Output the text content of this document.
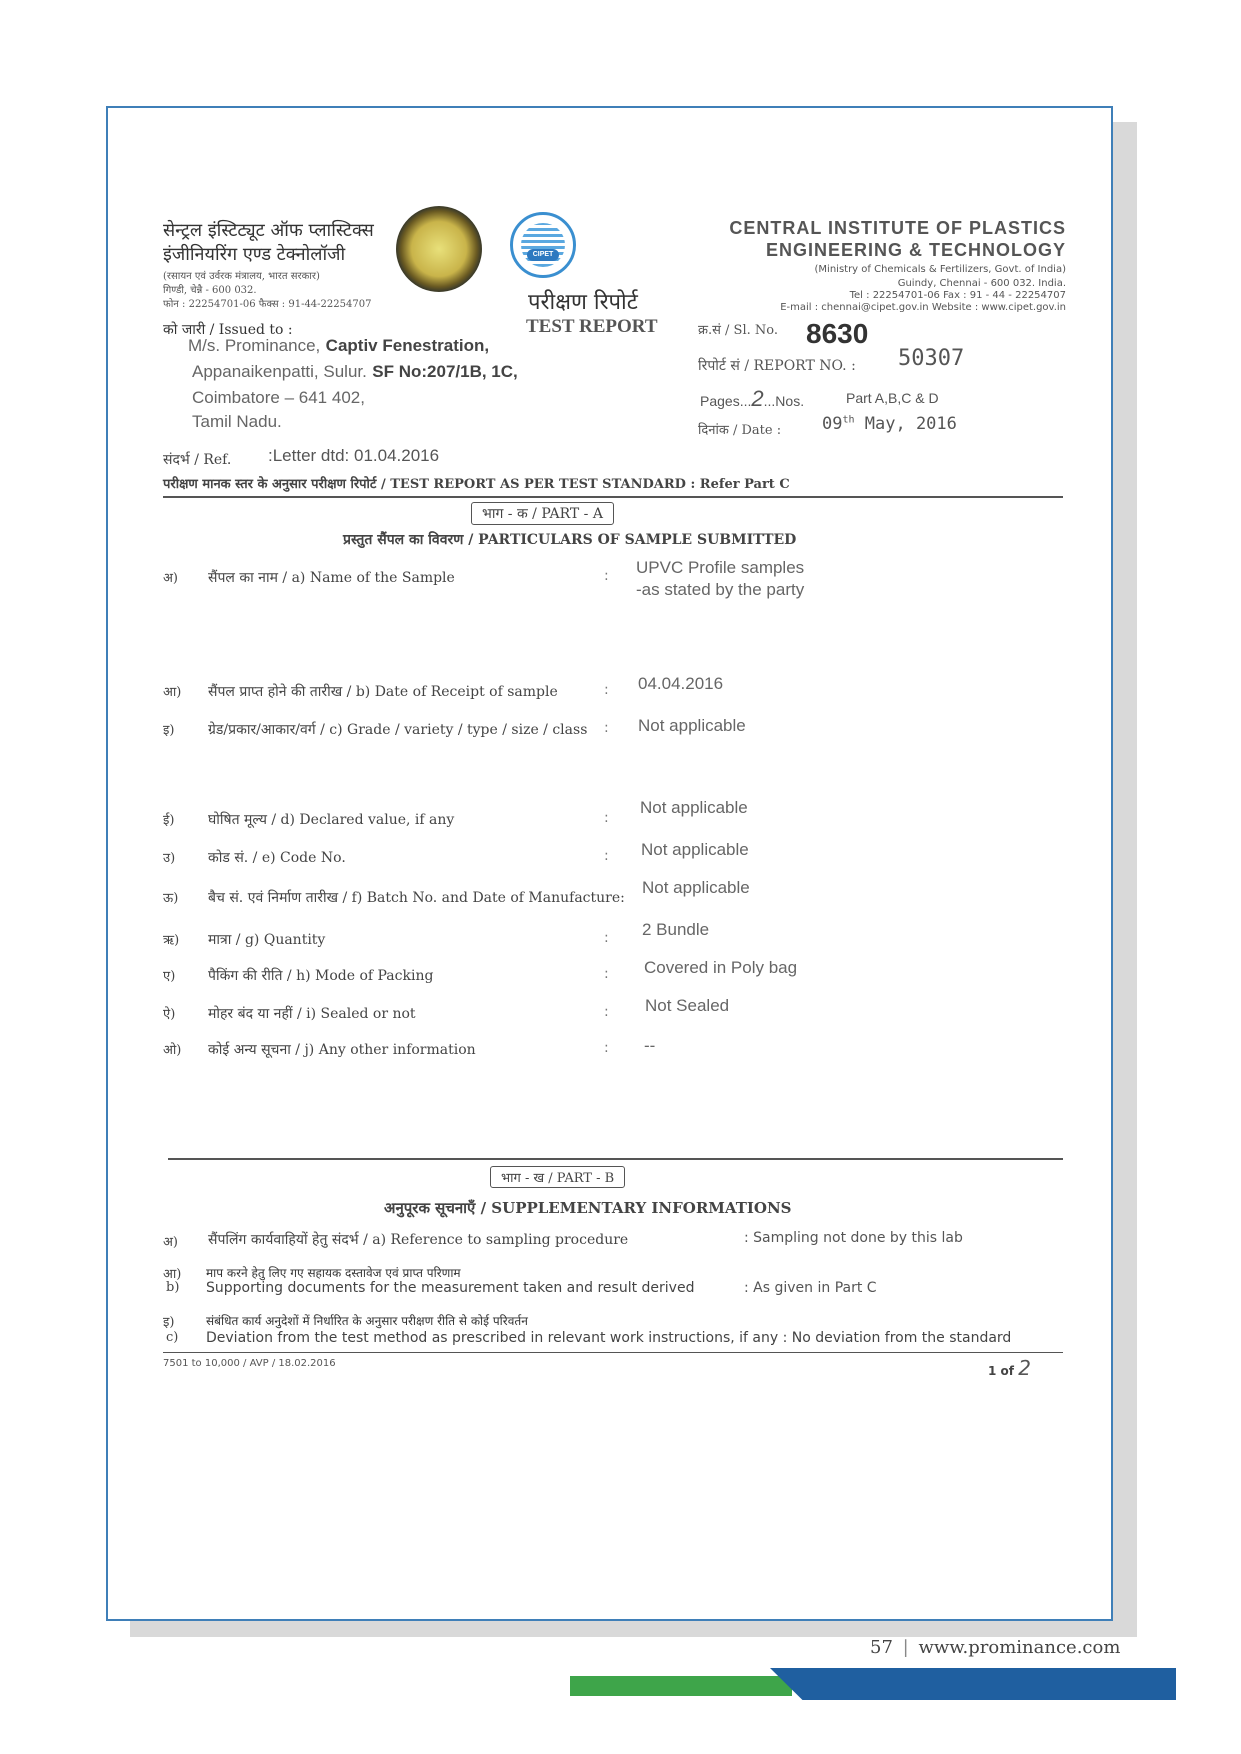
सेन्ट्रल इंस्टिट्यूट ऑफ प्लास्टिक्स
इंजीनियरिंग एण्ड टेक्नोलॉजी
(रसायन एवं उर्वरक मंत्रालय, भारत सरकार)
गिण्डी, चेन्नै - 600 032.
फोन : 22254701-06 फैक्स : 91-44-22254707
CIPET
CENTRAL INSTITUTE OF PLASTICS
ENGINEERING & TECHNOLOGY
(Ministry of Chemicals & Fertilizers, Govt. of India)
Guindy, Chennai - 600 032. India.
Tel : 22254701-06 Fax : 91 - 44 - 22254707
E-mail : chennai@cipet.gov.in Website : www.cipet.gov.in
परीक्षण रिपोर्ट
TEST REPORT
को जारी / Issued to :
M/s. Prominance, Captiv Fenestration,
Appanaikenpatti, Sulur. SF No:207/1B, 1C,
Coimbatore – 641 402,
Tamil Nadu.
क्र.सं / Sl. No. 8630
रिपोर्ट सं / REPORT NO. : 50307
Pages...2...Nos.	Part A,B,C & D
दिनांक / Date : 09th May, 2016
संदर्भ / Ref. :Letter dtd: 01.04.2016
परीक्षण मानक स्तर के अनुसार परीक्षण रिपोर्ट / TEST REPORT AS PER TEST STANDARD : Refer Part C
भाग - क / PART - A
प्रस्तुत सैंपल का विवरण / PARTICULARS OF SAMPLE SUBMITTED
अ) सैंपल का नाम / a) Name of the Sample	: UPVC Profile samples
-as stated by the party
आ) सैंपल प्राप्त होने की तारीख / b) Date of Receipt of sample	: 04.04.2016
इ) ग्रेड/प्रकार/आकार/वर्ग / c) Grade / variety / type / size / class : Not applicable
ई) घोषित मूल्य / d) Declared value, if any	:
Not applicable
उ) कोड सं. / e) Code No.	: Not applicable
ऊ) बैच सं. एवं निर्माण तारीख / f) Batch No. and Date of Manufacture:
Not applicable
ऋ) मात्रा / g) Quantity	: 2 Bundle
ए) पैकिंग की रीति / h) Mode of Packing	: Covered in Poly bag
ऐ) मोहर बंद या नहीं / i) Sealed or not	: Not Sealed
ओ) कोई अन्य सूचना / j) Any other information	: --
भाग - ख / PART - B
अनुपूरक सूचनाएँ / SUPPLEMENTARY INFORMATIONS
अ) सैंपलिंग कार्यवाहियों हेतु संदर्भ / a) Reference to sampling procedure	: Sampling not done by this lab
आ)
b)
माप करने हेतु लिए गए सहायक दस्तावेज एवं प्राप्त परिणाम
Supporting documents for the measurement taken and result derived	: As given in Part C
इ)
c)
संबंधित कार्य अनुदेशों में निर्धारित के अनुसार परीक्षण रीति से कोई परिवर्तन
Deviation from the test method as prescribed in relevant work instructions, if any : No deviation from the standard
7501 to 10,000 / AVP / 18.02.2016
1 of 2
57 | www.prominance.com
